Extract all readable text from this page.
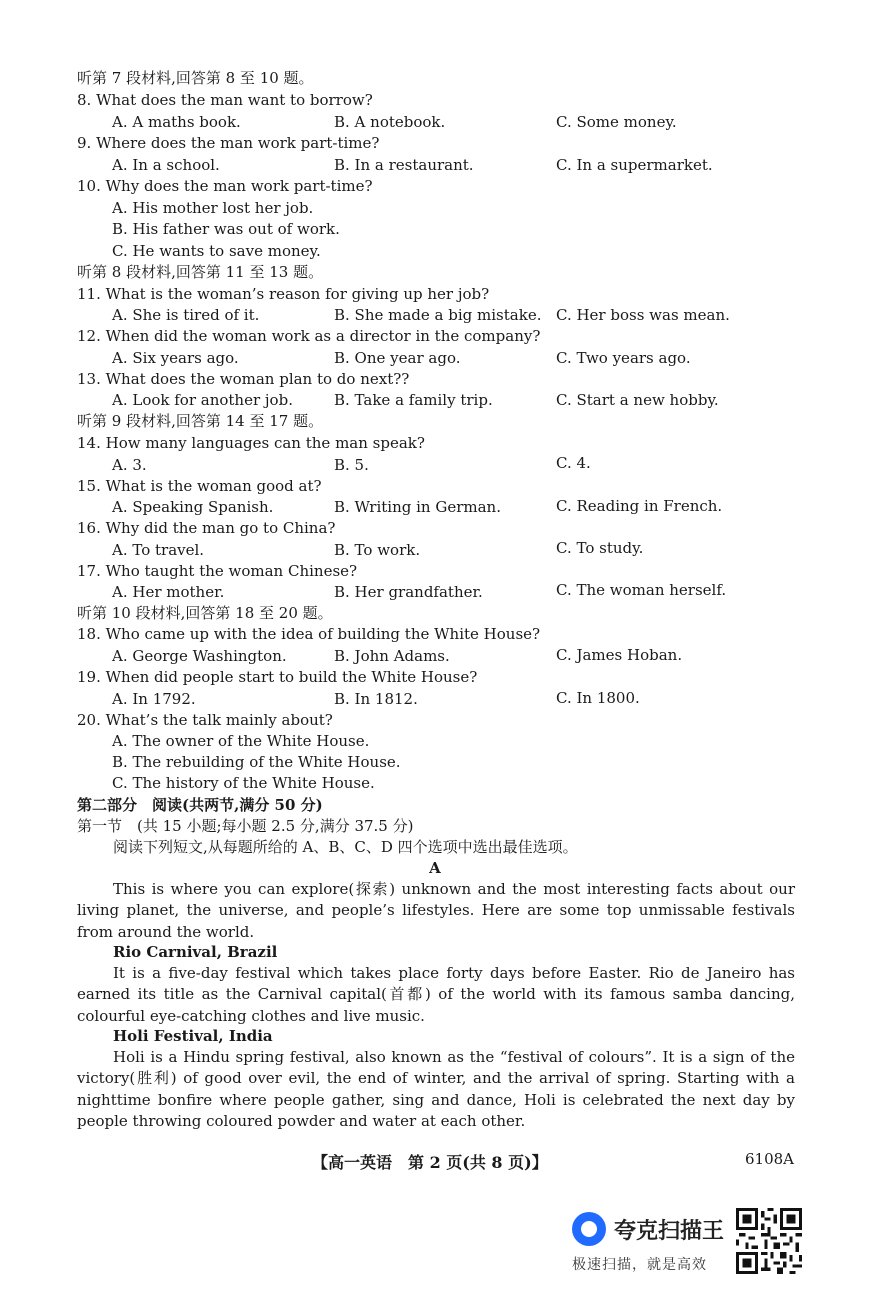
听第 7 段材料,回答第 8 至 10 题。
8. What does the man want to borrow?
A. A maths book.	B. A notebook.	C. Some money.
9. Where does the man work part-time?
A. In a school.	B. In a restaurant.	C. In a supermarket.
10. Why does the man work part-time?
A. His mother lost her job.
B. His father was out of work.
C. He wants to save money.
听第 8 段材料,回答第 11 至 13 题。
11. What is the woman’s reason for giving up her job?
A. She is tired of it.	B. She made a big mistake. C. Her boss was mean.
12. When did the woman work as a director in the company?
A. Six years ago.	B. One year ago.	C. Two years ago.
13. What does the woman plan to do next??
A. Look for another job.	B. Take a family trip.	C. Start a new hobby.
听第 9 段材料,回答第 14 至 17 题。
14. How many languages can the man speak?
A. 3.	B. 5.	C. 4.
15. What is the woman good at?
A. Speaking Spanish.	B. Writing in German.	C. Reading in French.
16. Why did the man go to China?
A. To travel.	B. To work.	C. To study.
17. Who taught the woman Chinese?
A. Her mother.	B. Her grandfather.	C. The woman herself.
听第 10 段材料,回答第 18 至 20 题。
18. Who came up with the idea of building the White House?
A. George Washington.	B. John Adams.	C. James Hoban.
19. When did people start to build the White House?
A. In 1792.	B. In 1812.	C. In 1800.
20. What’s the talk mainly about?
A. The owner of the White House.
B. The rebuilding of the White House.
C. The history of the White House.
第二部分　阅读(共两节,满分 50 分)
第一节　(共 15 小题;每小题 2.5 分,满分 37.5 分)
阅读下列短文,从每题所给的 A、B、C、D 四个选项中选出最佳选项。
A
This is where you can explore(探索) unknown and the most interesting facts about our living planet, the universe, and people’s lifestyles. Here are some top unmissable festivals from around the world.
Rio Carnival, Brazil
It is a five-day festival which takes place forty days before Easter. Rio de Janeiro has earned its title as the Carnival capital(首都) of the world with its famous samba dancing, colourful eye-catching clothes and live music.
Holi Festival, India
Holi is a Hindu spring festival, also known as the “festival of colours”. It is a sign of the victory(胜利) of good over evil, the end of winter, and the arrival of spring. Starting with a nighttime bonfire where people gather, sing and dance, Holi is celebrated the next day by people throwing coloured powder and water at each other.
【高一英语　第 2 页(共 8 页)】	6108A
夸克扫描王
极速扫描，就是高效
